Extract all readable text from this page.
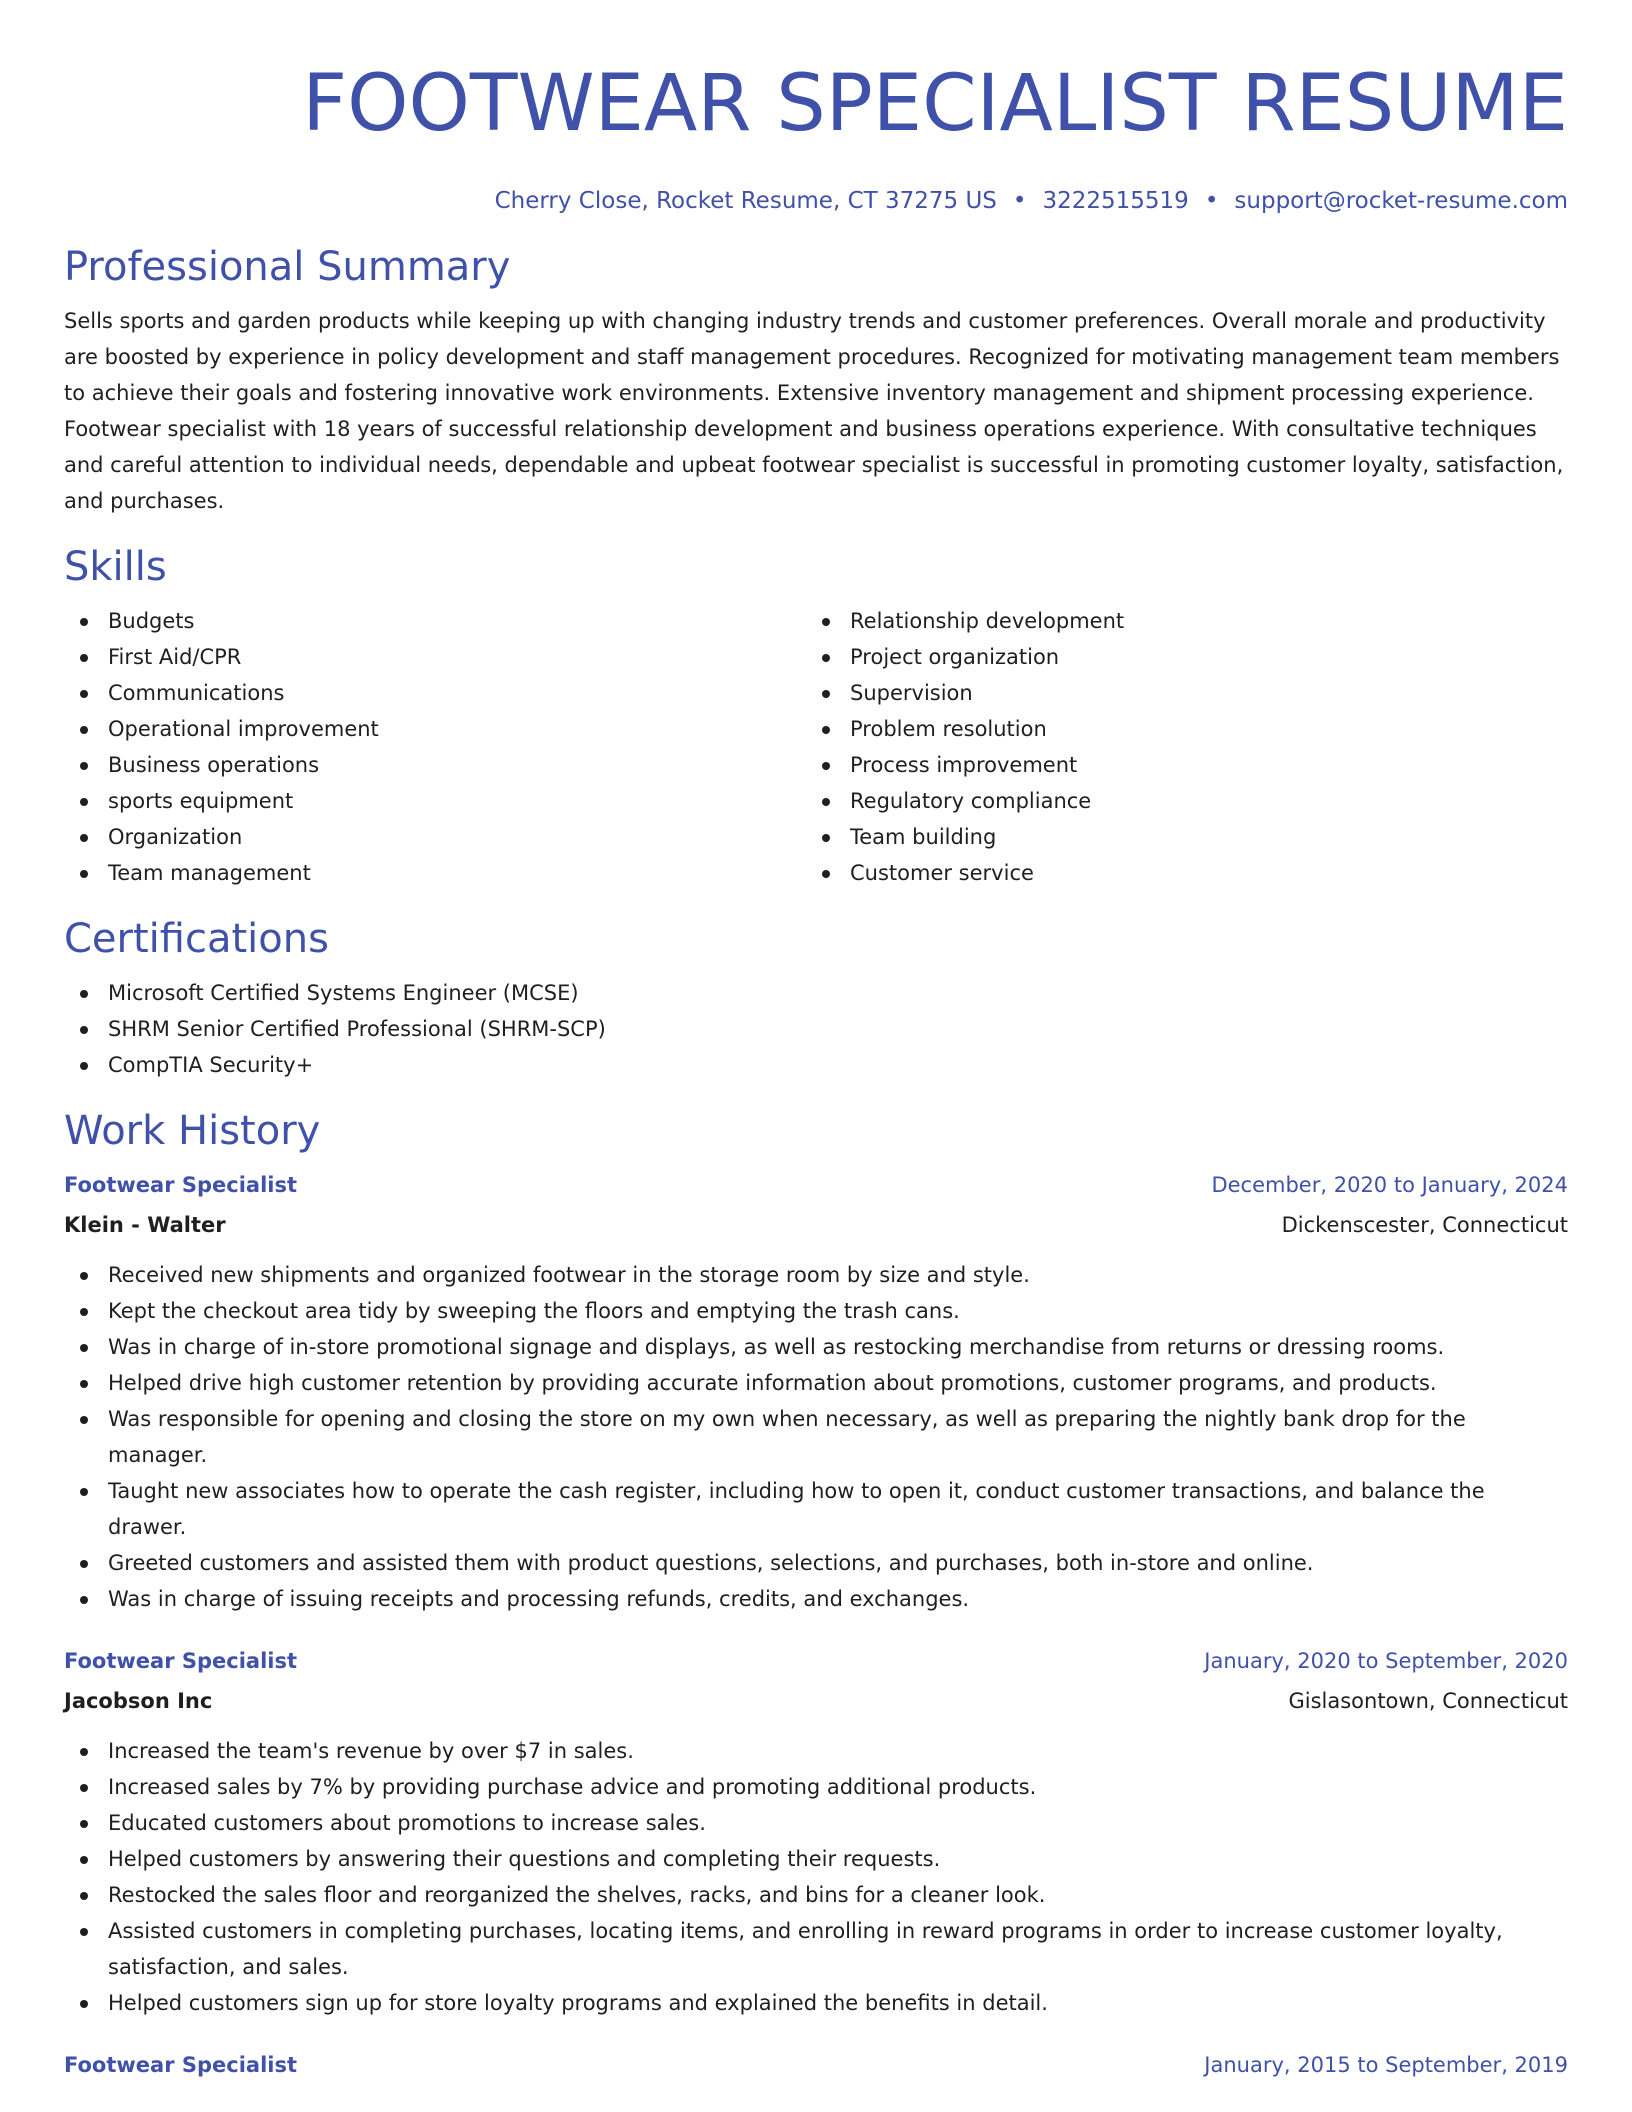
FOOTWEAR SPECIALIST RESUME
Cherry Close, Rocket Resume, CT 37275 US • 3222515519 • support@rocket-resume.com
Professional Summary

Sells sports and garden products while keeping up with changing industry trends and customer preferences. Overall morale and productivity are boosted by experience in policy development and staff management procedures. Recognized for motivating management team members to achieve their goals and fostering innovative work environments. Extensive inventory management and shipment processing experience. Footwear specialist with 18 years of successful relationship development and business operations experience. With consultative techniques and careful attention to individual needs, dependable and upbeat footwear specialist is successful in promoting customer loyalty, satisfaction, and purchases.

Skills
Budgets
First Aid/CPR
Communications
Operational improvement
Business operations
sports equipment
Organization
Team management
Relationship development
Project organization
Supervision
Problem resolution
Process improvement
Regulatory compliance
Team building
Customer service
Certifications
Microsoft Certified Systems Engineer (MCSE)
SHRM Senior Certified Professional (SHRM-SCP)
CompTIA Security+
Work History
Footwear Specialist	December, 2020 to January, 2024
Klein - Walter	Dickenscester, Connecticut
Received new shipments and organized footwear in the storage room by size and style.
Kept the checkout area tidy by sweeping the floors and emptying the trash cans.
Was in charge of in-store promotional signage and displays, as well as restocking merchandise from returns or dressing rooms.
Helped drive high customer retention by providing accurate information about promotions, customer programs, and products.
Was responsible for opening and closing the store on my own when necessary, as well as preparing the nightly bank drop for the manager.
Taught new associates how to operate the cash register, including how to open it, conduct customer transactions, and balance the drawer.
Greeted customers and assisted them with product questions, selections, and purchases, both in-store and online.
Was in charge of issuing receipts and processing refunds, credits, and exchanges.
Footwear Specialist	January, 2020 to September, 2020
Jacobson Inc	Gislasontown, Connecticut
Increased the team's revenue by over $7 in sales.
Increased sales by 7% by providing purchase advice and promoting additional products.
Educated customers about promotions to increase sales.
Helped customers by answering their questions and completing their requests.
Restocked the sales floor and reorganized the shelves, racks, and bins for a cleaner look.
Assisted customers in completing purchases, locating items, and enrolling in reward programs in order to increase customer loyalty, satisfaction, and sales.
Helped customers sign up for store loyalty programs and explained the benefits in detail.
Footwear Specialist	January, 2015 to September, 2019
